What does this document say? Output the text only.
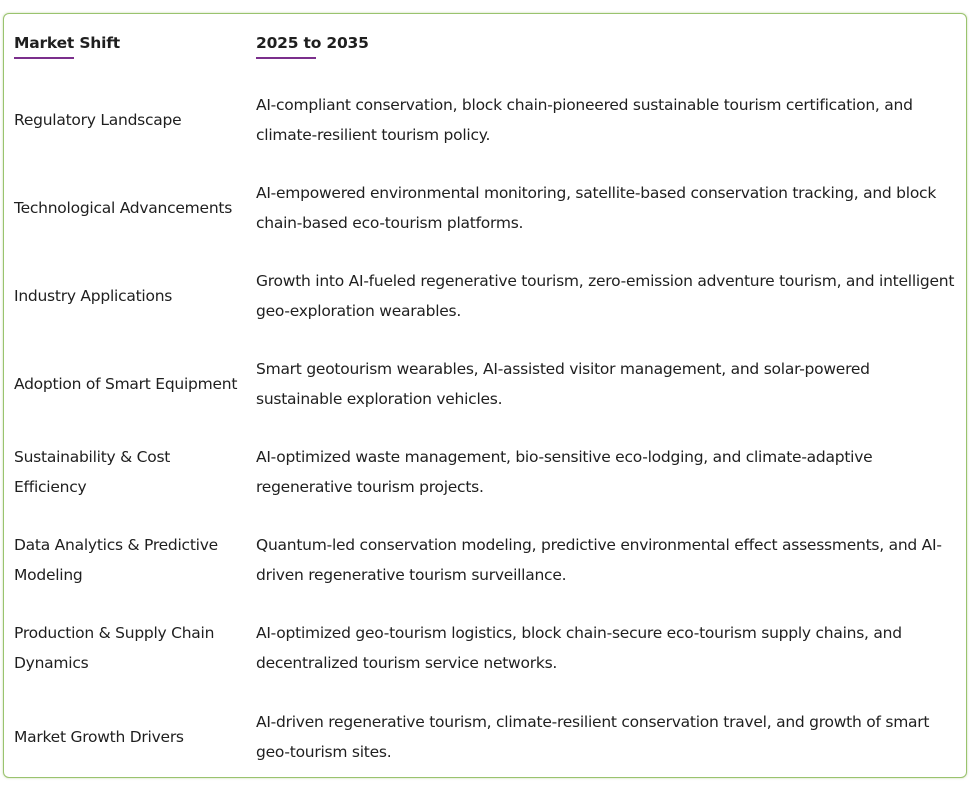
Market Shift	2025 to 2035

Regulatory Landscape	AI-compliant conservation, block chain-pioneered sustainable tourism certification, and climate-resilient tourism policy.
Technological Advancements	AI-empowered environmental monitoring, satellite-based conservation tracking, and block chain-based eco-tourism platforms.
Industry Applications	Growth into AI-fueled regenerative tourism, zero-emission adventure tourism, and intelligent geo-exploration wearables.
Adoption of Smart Equipment	Smart geotourism wearables, AI-assisted visitor management, and solar-powered sustainable exploration vehicles.
Sustainability & Cost Efficiency	AI-optimized waste management, bio-sensitive eco-lodging, and climate-adaptive regenerative tourism projects.
Data Analytics & Predictive Modeling	Quantum-led conservation modeling, predictive environmental effect assessments, and AI-driven regenerative tourism surveillance.
Production & Supply Chain Dynamics	AI-optimized geo-tourism logistics, block chain-secure eco-tourism supply chains, and decentralized tourism service networks.
Market Growth Drivers	AI-driven regenerative tourism, climate-resilient conservation travel, and growth of smart geo-tourism sites.
